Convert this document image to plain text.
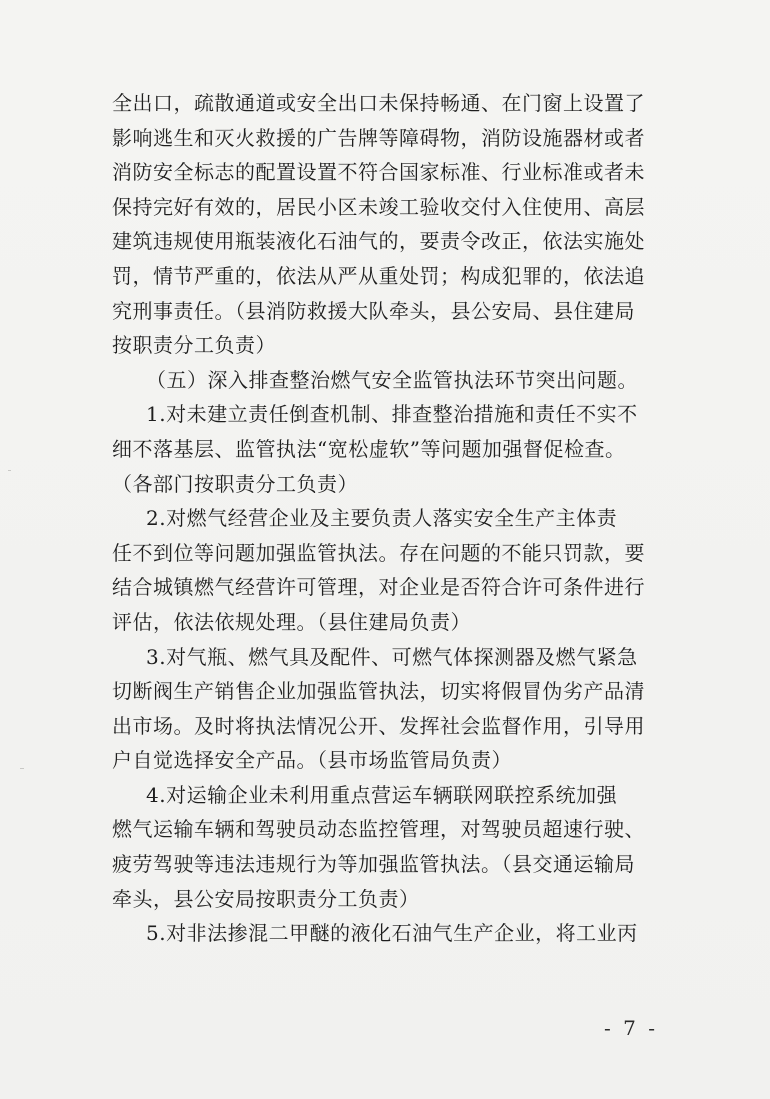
全出口，疏散通道或安全出口未保持畅通、在门窗上设置了
影响逃生和灭火救援的广告牌等障碍物，消防设施器材或者
消防安全标志的配置设置不符合国家标准、行业标准或者未
保持完好有效的，居民小区未竣工验收交付入住使用、高层
建筑违规使用瓶装液化石油气的，要责令改正，依法实施处
罚，情节严重的，依法从严从重处罚；构成犯罪的，依法追
究刑事责任。（县消防救援大队牵头，县公安局、县住建局
按职责分工负责）
（五）深入排查整治燃气安全监管执法环节突出问题。
1.对未建立责任倒查机制、排查整治措施和责任不实不
细不落基层、监管执法“宽松虚软”等问题加强督促检查。
（各部门按职责分工负责）
2.对燃气经营企业及主要负责人落实安全生产主体责
任不到位等问题加强监管执法。存在问题的不能只罚款，要
结合城镇燃气经营许可管理，对企业是否符合许可条件进行
评估，依法依规处理。（县住建局负责）
3.对气瓶、燃气具及配件、可燃气体探测器及燃气紧急
切断阀生产销售企业加强监管执法，切实将假冒伪劣产品清
出市场。及时将执法情况公开、发挥社会监督作用，引导用
户自觉选择安全产品。（县市场监管局负责）
4.对运输企业未利用重点营运车辆联网联控系统加强
燃气运输车辆和驾驶员动态监控管理，对驾驶员超速行驶、
疲劳驾驶等违法违规行为等加强监管执法。（县交通运输局
牵头，县公安局按职责分工负责）
5.对非法掺混二甲醚的液化石油气生产企业，将工业丙
- 7 -
